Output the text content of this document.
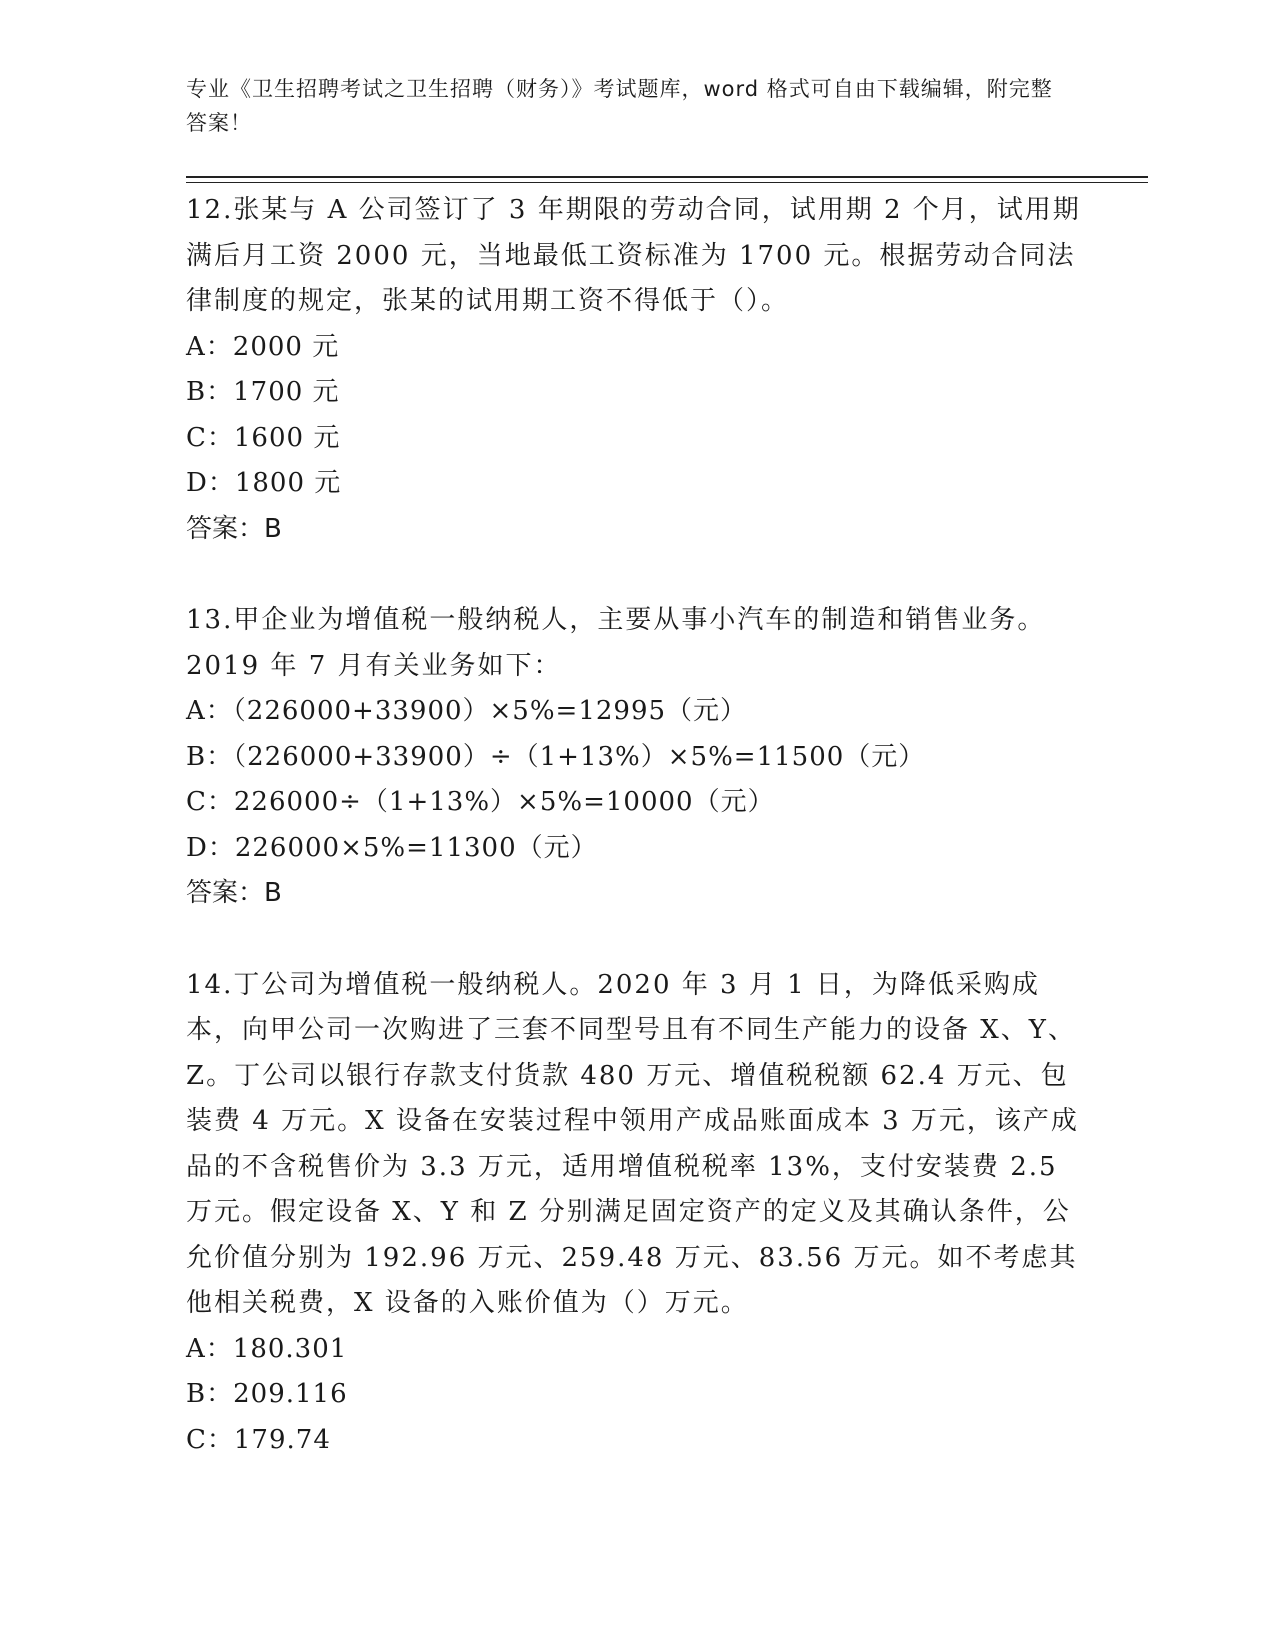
专业《卫生招聘考试之卫生招聘（财务）》考试题库，word 格式可自由下载编辑，附完整答案！

12.张某与 A 公司签订了 3 年期限的劳动合同，试用期 2 个月，试用期满后月工资 2000 元，当地最低工资标准为 1700 元。根据劳动合同法律制度的规定，张某的试用期工资不得低于（）。

A：2000 元

B：1700 元

C：1600 元

D：1800 元

答案：B

13.甲企业为增值税一般纳税人，主要从事小汽车的制造和销售业务。2019 年 7 月有关业务如下：

A：（226000+33900）×5%=12995（元）

B：（226000+33900）÷（1+13%）×5%=11500（元）

C：226000÷（1+13%）×5%=10000（元）

D：226000×5%=11300（元）

答案：B

14.丁公司为增值税一般纳税人。2020 年 3 月 1 日，为降低采购成本，向甲公司一次购进了三套不同型号且有不同生产能力的设备 X、Y、Z。丁公司以银行存款支付货款 480 万元、增值税税额 62.4 万元、包装费 4 万元。X 设备在安装过程中领用产成品账面成本 3 万元，该产成品的不含税售价为 3.3 万元，适用增值税税率 13%，支付安装费 2.5 万元。假定设备 X、Y 和 Z 分别满足固定资产的定义及其确认条件，公允价值分别为 192.96 万元、259.48 万元、83.56 万元。如不考虑其他相关税费，X 设备的入账价值为（）万元。

A：180.301

B：209.116

C：179.74
